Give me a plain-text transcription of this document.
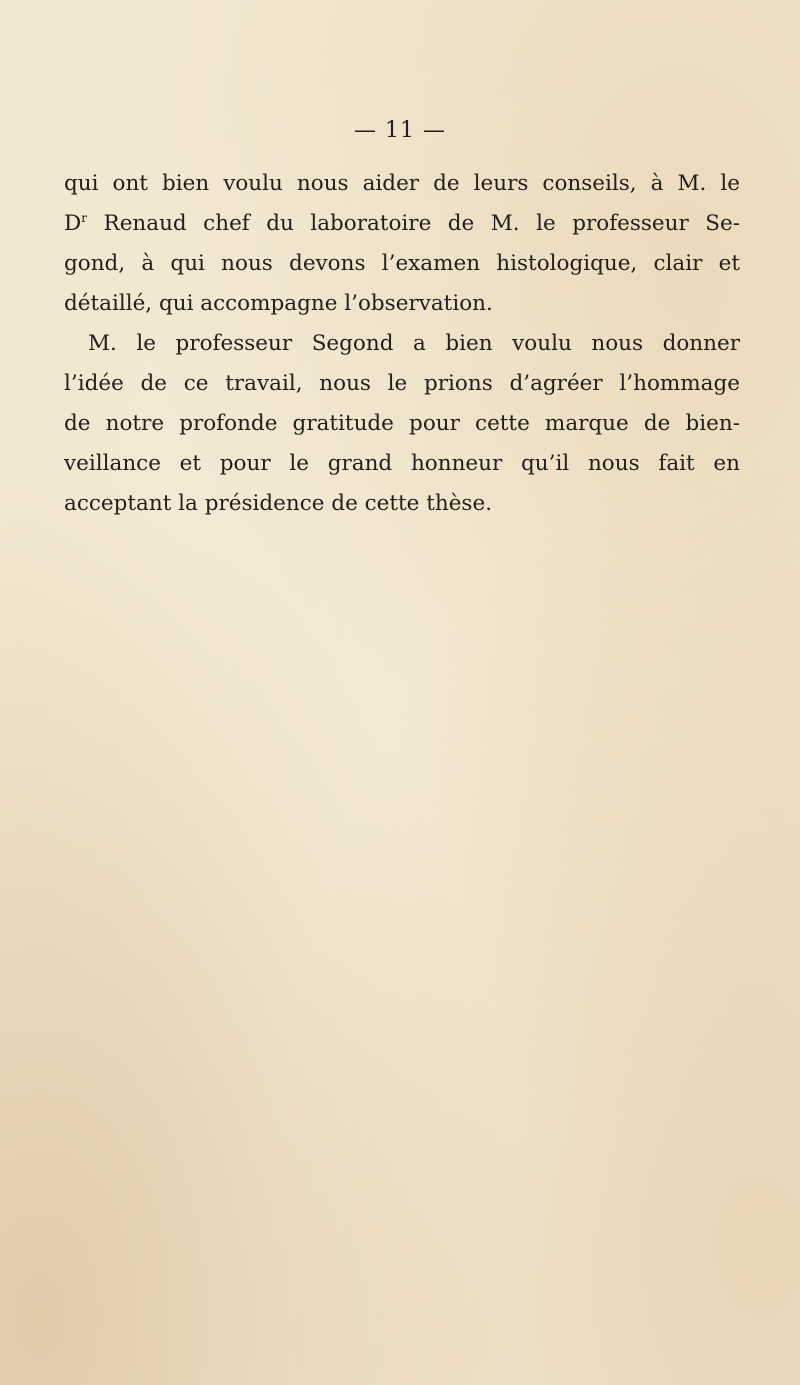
— 11 —
qui ont bien voulu nous aider de leurs conseils, à M. le
$D^r$ Renaud chef du laboratoire de M. le professeur Se-
gond, à qui nous devons l’examen histologique, clair et
détaillé, qui accompagne l’observation.
M. le professeur Segond a bien voulu nous donner
l’idée de ce travail, nous le prions d’agréer l’hommage
de notre profonde gratitude pour cette marque de bien-
veillance et pour le grand honneur qu’il nous fait en
acceptant la présidence de cette thèse.
